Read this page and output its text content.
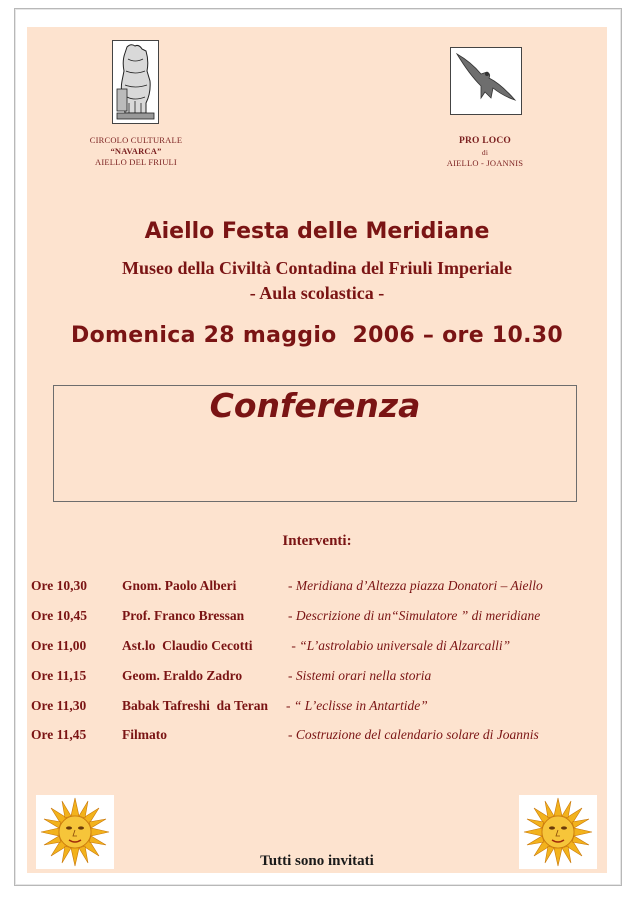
CIRCOLO CULTURALE
“NAVARCA”
AIELLO DEL FRIULI
PRO LOCO
di
AIELLO - JOANNIS
Aiello Festa delle Meridiane
Museo della Civiltà Contadina del Friuli Imperiale
- Aula scolastica -
Domenica 28 maggio  2006 – ore 10.30
Conferenza
Interventi:
Ore 10,30	Gnom. Paolo Alberi	- Meridiana d’Altezza piazza Donatori – Aiello
Ore 10,45	Prof. Franco Bressan	- Descrizione di un“Simulatore ” di meridiane
Ore 11,00	Ast.lo  Claudio Cecotti	- “L’astrolabio universale di Alzarcalli”
Ore 11,15	Geom. Eraldo Zadro	- Sistemi orari nella storia
Ore 11,30	Babak Tafreshi  da Teran - “ L’eclisse in Antartide”
Ore 11,45	Filmato	- Costruzione del calendario solare di Joannis
Tutti sono invitati
